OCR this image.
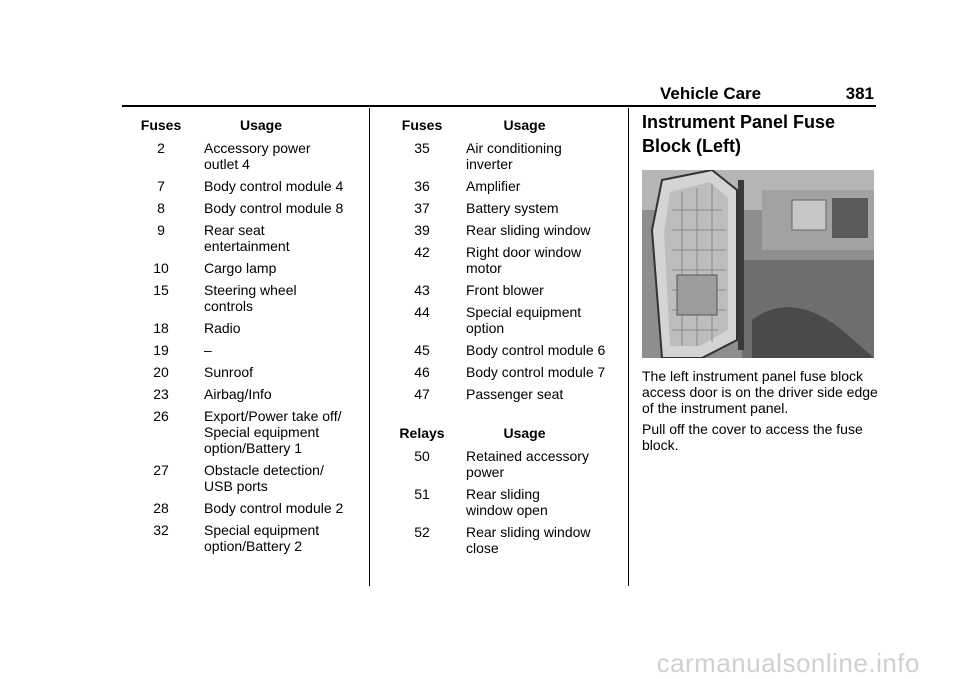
Vehicle Care	381
Fuses	Usage
2	Accessory power
outlet 4
7	Body control module 4
8	Body control module 8
9	Rear seat
entertainment
10	Cargo lamp
15	Steering wheel
controls
18	Radio
19	–
20	Sunroof
23	Airbag/Info
26	Export/Power take off/
Special equipment
option/Battery 1
27	Obstacle detection/
USB ports
28	Body control module 2
32	Special equipment
option/Battery 2
Fuses	Usage
35	Air conditioning
inverter
36	Amplifier
37	Battery system
39	Rear sliding window
42	Right door window
motor
43	Front blower
44	Special equipment
option
45	Body control module 6
46	Body control module 7
47	Passenger seat
Relays	Usage
50	Retained accessory
power
51	Rear sliding
window open
52	Rear sliding window
close
Instrument Panel Fuse Block (Left)
The left instrument panel fuse block access door is on the driver side edge of the instrument panel.
Pull off the cover to access the fuse block.
carmanualsonline.info
